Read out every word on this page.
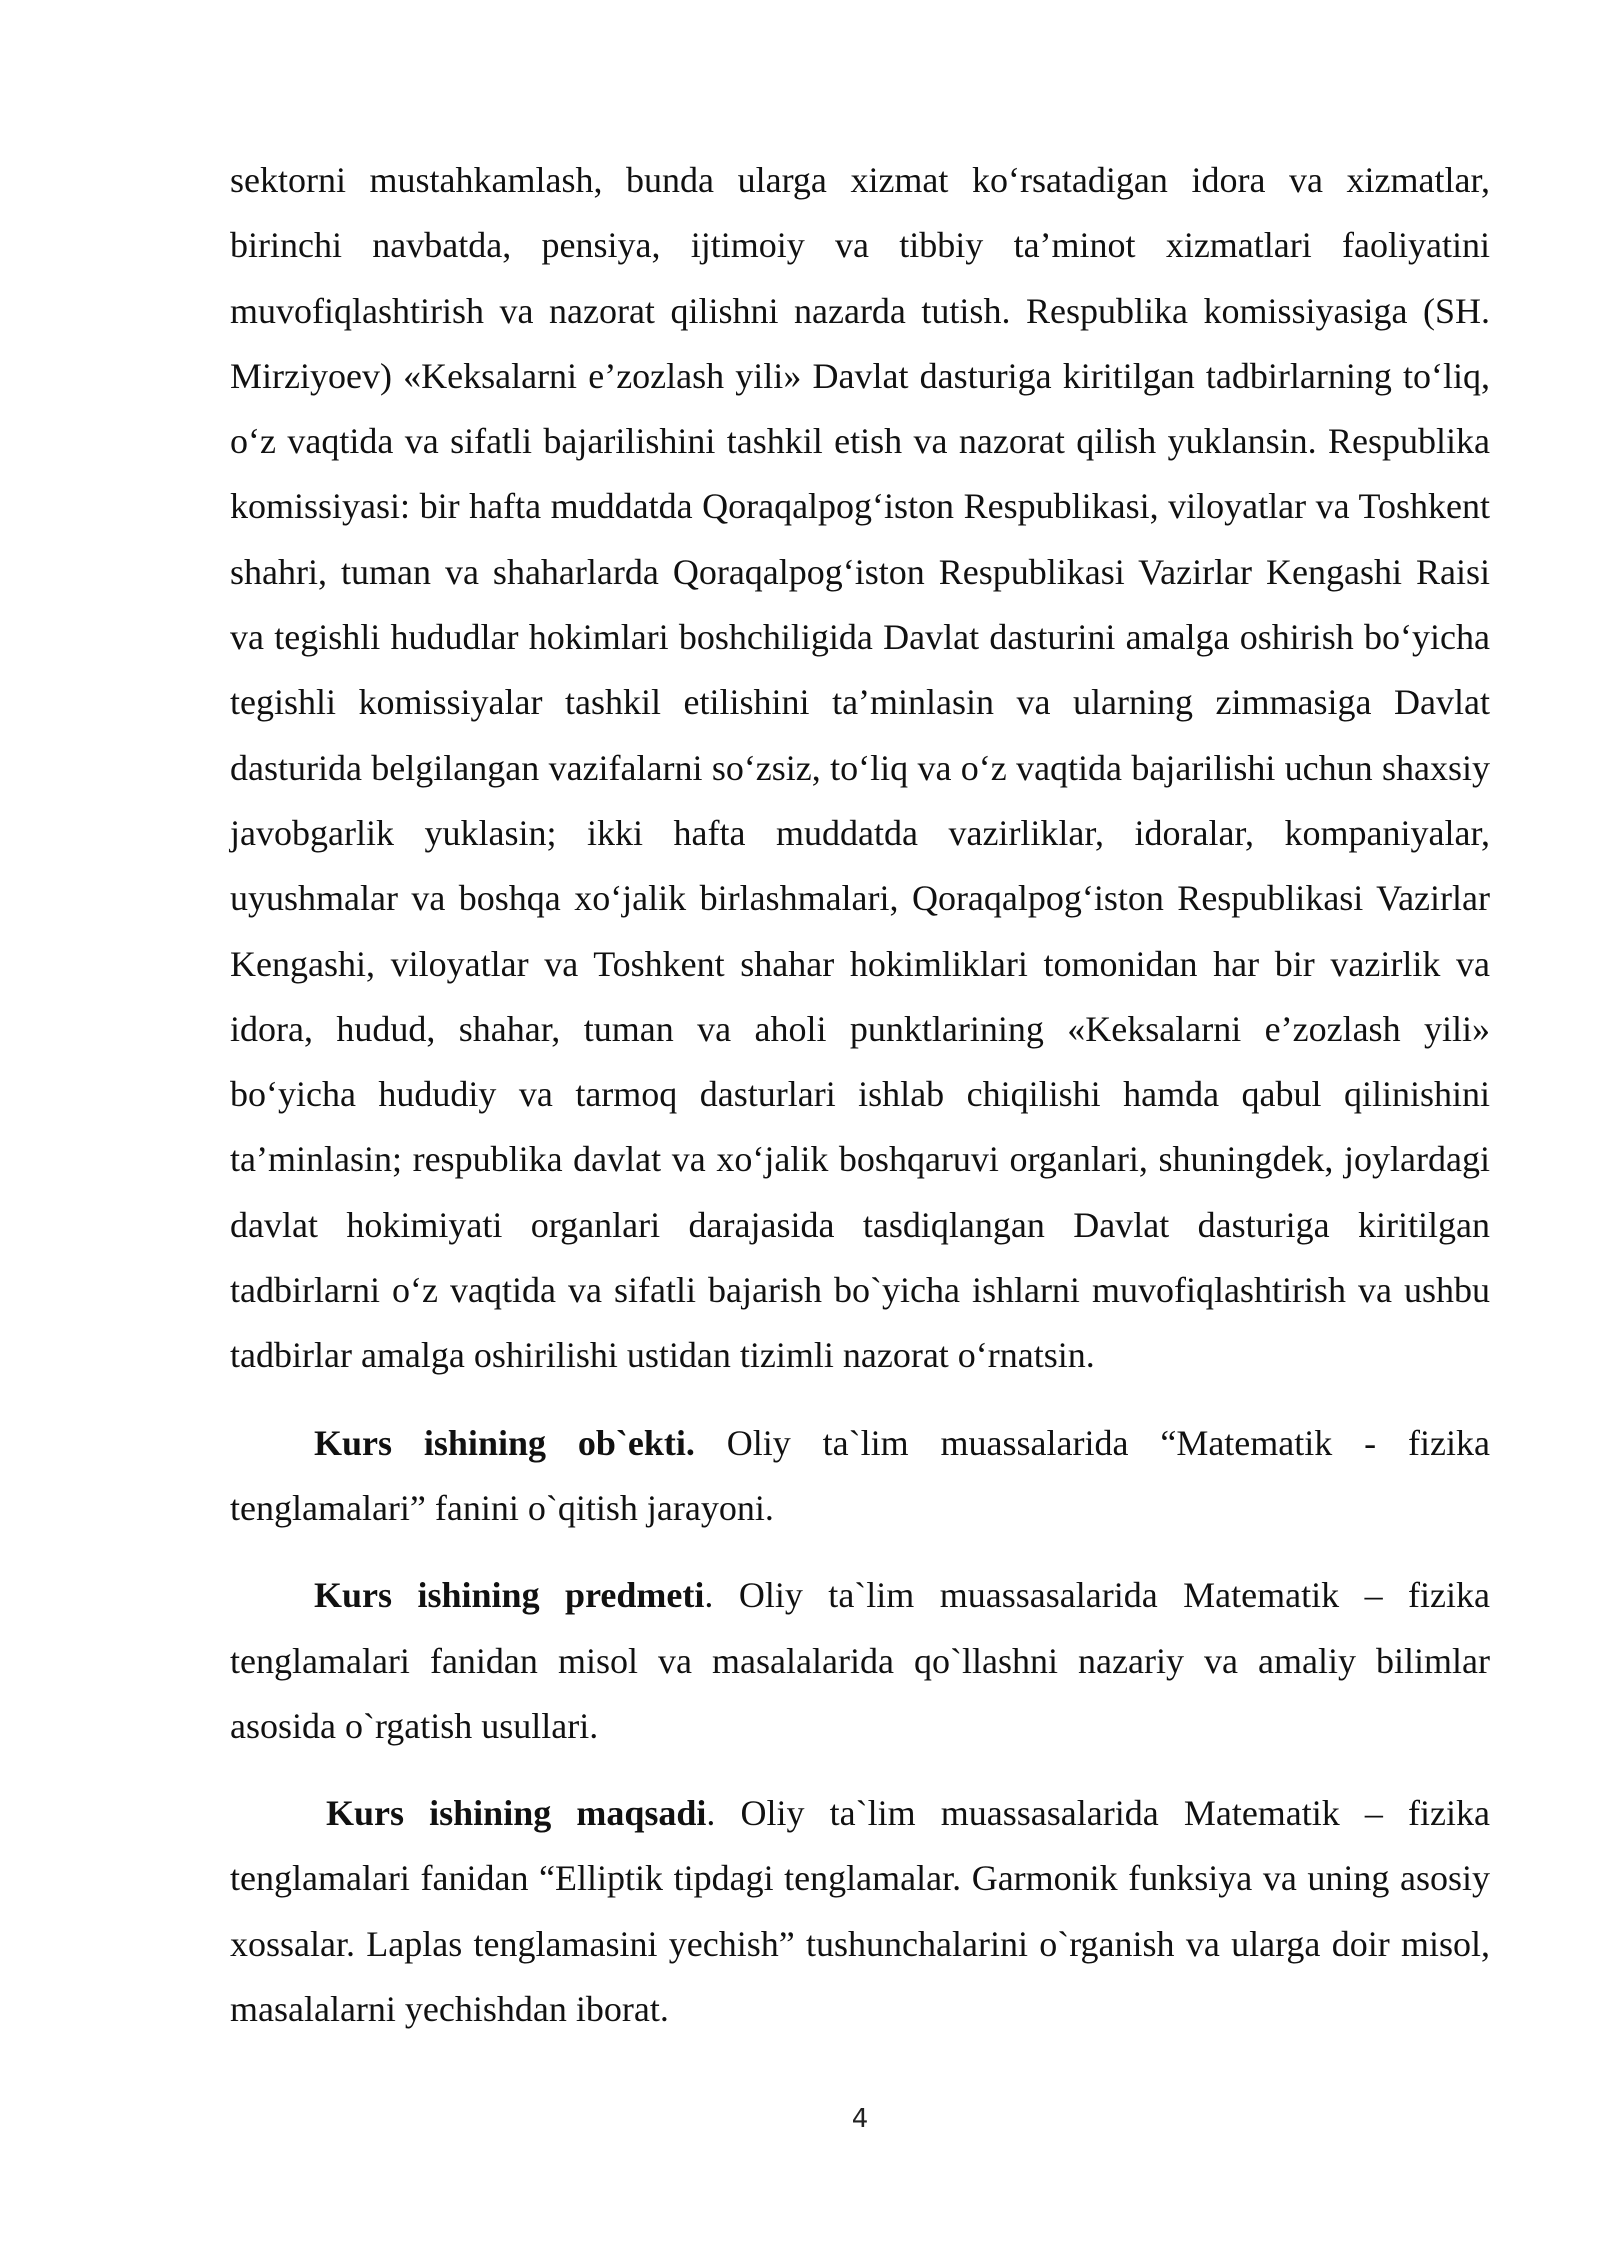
sektorni mustahkamlash, bunda ularga xizmat ko‘rsatadigan idora va xizmatlar, birinchi navbatda, pensiya, ijtimoiy va tibbiy ta’minot xizmatlari faoliyatini muvofiqlashtirish va nazorat qilishni nazarda tutish. Respublika komissiyasiga (SH. Mirziyoev) «Keksalarni e’zozlash yili» Davlat dasturiga kiritilgan tadbirlarning to‘liq, o‘z vaqtida va sifatli bajarilishini tashkil etish va nazorat qilish yuklansin. Respublika komissiyasi: bir hafta muddatda Qoraqalpog‘iston Respublikasi, viloyatlar va Toshkent shahri, tuman va shaharlarda Qoraqalpog‘iston Respublikasi Vazirlar Kengashi Raisi va tegishli hududlar hokimlari boshchiligida Davlat dasturini amalga oshirish bo‘yicha tegishli komissiyalar tashkil etilishini ta’minlasin va ularning zimmasiga Davlat dasturida belgilangan vazifalarni so‘zsiz, to‘liq va o‘z vaqtida bajarilishi uchun shaxsiy javobgarlik yuklasin; ikki hafta muddatda vazirliklar, idoralar, kompaniyalar, uyushmalar va boshqa xo‘jalik birlashmalari, Qoraqalpog‘iston Respublikasi Vazirlar Kengashi, viloyatlar va Toshkent shahar hokimliklari tomonidan har bir vazirlik va idora, hudud, shahar, tuman va aholi punktlarining «Keksalarni e’zozlash yili» bo‘yicha hududiy va tarmoq dasturlari ishlab chiqilishi hamda qabul qilinishini ta’minlasin; respublika davlat va xo‘jalik boshqaruvi organlari, shuningdek, joylardagi davlat hokimiyati organlari darajasida tasdiqlangan Davlat dasturiga kiritilgan tadbirlarni o‘z vaqtida va sifatli bajarish bo`yicha ishlarni muvofiqlashtirish va ushbu tadbirlar amalga oshirilishi ustidan tizimli nazorat o‘rnatsin.

Kurs ishining ob`ekti. Oliy ta`lim muassalarida “Matematik - fizika tenglamalari” fanini o`qitish jarayoni.

Kurs ishining predmeti. Oliy ta`lim muassasalarida Matematik – fizika tenglamalari fanidan misol va masalalarida qo`llashni nazariy va amaliy bilimlar asosida o`rgatish usullari.

Kurs ishining maqsadi. Oliy ta`lim muassasalarida Matematik – fizika tenglamalari fanidan “Elliptik tipdagi tenglamalar. Garmonik funksiya va uning asosiy xossalar. Laplas tenglamasini yechish” tushunchalarini o`rganish va ularga doir misol, masalalarni yechishdan iborat.

4
